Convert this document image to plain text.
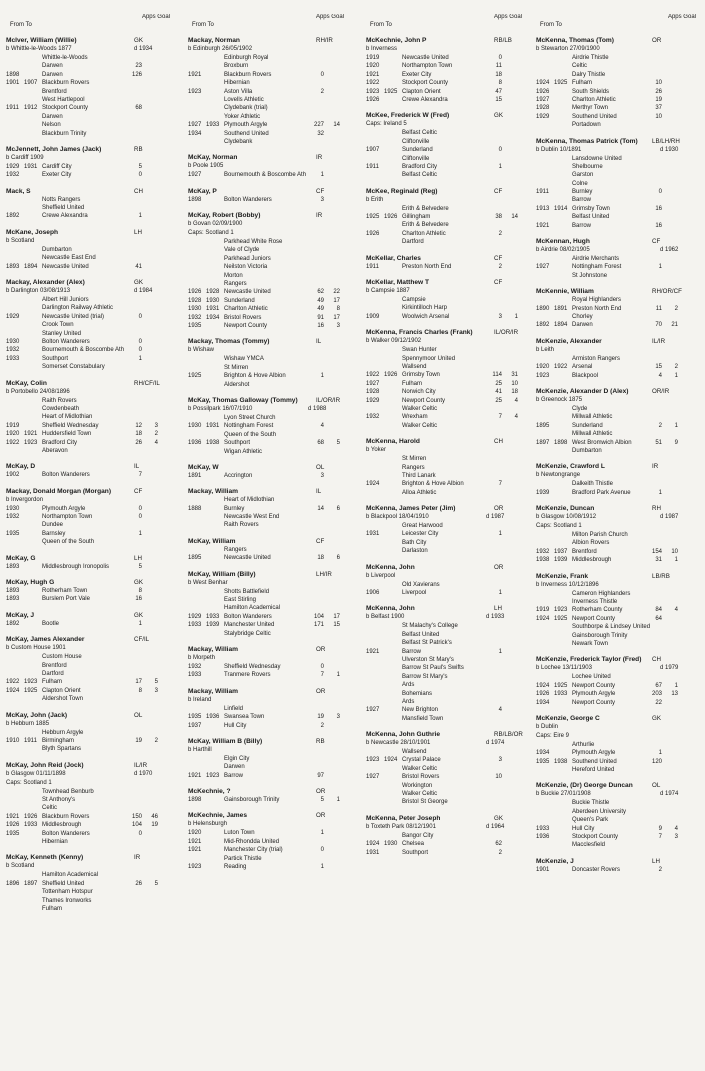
From To
Apps Goal
McIver, William (Willie)	GK
d 1934
b Whittle-le-Woods 1877
Whittle-le-Woods
Darwen	23
1898	Darwen	126
1901 1907 Blackburn Rovers
Brentford
West Hartlepool
1911 1912 Stockport County	68
Darwen
Nelson
Blackburn Trinity
McJennett, John James (Jack)	RB
b Cardiff 1909
1929 1931 Cardiff City	5
1932	Exeter City	0
Mack, S	CH
Notts Rangers
Sheffield United
1892	Crewe Alexandra	1
McKane, Joseph	LH
b Scotland
Dumbarton
Newcastle East End
1893 1894 Newcastle United	41
Mackay, Alexander (Alex)	GK
d 1984
b Darlington 03/08/1913
Albert Hill Juniors
Darlington Railway Athletic
1929	Newcastle United (trial)	0
Crook Town
Stanley United
1930	Bolton Wanderers	0
1932	Bournemouth & Boscombe Ath	0
1933	Southport	1
Somerset Constabulary
McKay, Colin	RH/CF/IL
b Portobello 24/08/1896
Raith Rovers
Cowdenbeath
Heart of Midlothian
1919	Sheffield Wednesday	12	3
1920 1921 Huddersfield Town	18	2
1922 1923 Bradford City	26	4
Aberavon
McKay, D	IL
1902	Bolton Wanderers	7
Mackay, Donald Morgan (Morgan)	CF
b Invergordon
1930	Plymouth Argyle	0
1932	Northampton Town	0
Dundee
1935	Barnsley	1
Queen of the South
McKay, G	LH
1893	Middlesbrough Ironopolis	5
McKay, Hugh G	GK
1893	Rotherham Town	8
1893	Burslem Port Vale	16
McKay, J	GK
1892	Bootle	1
McKay, James Alexander	CF/IL
b Custom House 1901
Custom House
Brentford
Dartford
1922 1923 Fulham	17	5
1924 1925 Clapton Orient	8	3
Aldershot Town
McKay, John (Jack)	OL
b Hebburn 1885
Hebburn Argyle
1910 1911 Birmingham	19	2
Blyth Spartans
McKay, John Reid (Jock)	IL/IR
d 1970
b Glasgow 01/11/1898
Caps: Scotland 1
Townhead Benburb
St Anthony's
Celtic
1921 1926 Blackburn Rovers	150	46
1926 1933 Middlesbrough	104	19
1935	Bolton Wanderers	0
Hibernian
McKay, Kenneth (Kenny)	IR
b Scotland
Hamilton Academical
1896 1897 Sheffield United	26	5
Tottenham Hotspur
Thames Ironworks
Fulham
From To
Apps Goal
Mackay, Norman	RH/IR
b Edinburgh 26/05/1902
Edinburgh Royal
Broxburn
1921	Blackburn Rovers	0
Hibernian
1923	Aston Villa	2
Lovells Athletic
Clydebank (trial)
Yoker Athletic
1927 1933 Plymouth Argyle	227	14
1934	Southend United	32
Clydebank
McKay, Norman	IR
b Poole 1905
1927	Bournemouth & Boscombe Ath	1
McKay, P	CF
1898	Bolton Wanderers	3
McKay, Robert (Bobby)	IR
b Govan 02/09/1900
Caps: Scotland 1
Parkhead White Rose
Vale of Clyde
Parkhead Juniors
Neilston Victoria
Morton
Rangers
1926 1928 Newcastle United	62	22
1928 1930 Sunderland	49	17
1930 1931 Charlton Athletic	49	8
1932 1934 Bristol Rovers	91	17
1935	Newport County	16	3
Mackay, Thomas (Tommy)	IL
b Wishaw
Wishaw YMCA
St Mirren
1925	Brighton & Hove Albion	1
Aldershot
McKay, Thomas Galloway (Tommy)	IL/OR/IR
d 1988
b Possilpark 16/07/1910
Lyon Street Church
1930 1931 Nottingham Forest	4
Queen of the South
1936 1938 Southport	68	5
Wigan Athletic
McKay, W	OL
1891	Accrington	3
Mackay, William	IL
Heart of Midlothian
1888	Burnley	14	6
Newcastle West End
Raith Rovers
McKay, William	CF
Rangers
1895	Newcastle United	18	6
McKay, William (Billy)	LH/IR
b West Benhar
Shotts Battlefield
East Stirling
Hamilton Academical
1929 1933 Bolton Wanderers	104	17
1933 1939 Manchester United	171	15
Stalybridge Celtic
Mackay, William	OR
b Morpeth
1932	Sheffield Wednesday	0
1933	Tranmere Rovers	7	1
Mackay, William	OR
b Ireland
Linfield
1935 1936 Swansea Town	19	3
1937	Hull City	2
McKay, William B (Billy)	RB
b Harthill
Elgin City
Darwen
1921 1923 Barrow	97
McKechnie, ?	OR
1898	Gainsborough Trinity	5	1
McKechnie, James	OR
b Helensburgh
1920	Luton Town	1
1921	Mid-Rhondda United
1921	Manchester City (trial)	0
Partick Thistle
1923	Reading	1
From To
Apps Goal
McKechnie, John P	RB/LB
b Inverness
1919	Newcastle United	0
1920	Northampton Town	11
1921	Exeter City	18
1922	Stockport County	8
1923 1925 Clapton Orient	47
1926	Crewe Alexandra	15
McKee, Frederick W (Fred)	GK
Caps: Ireland 5
Belfast Celtic
Cliftonville
1907	Sunderland	0
Cliftonville
1911	Bradford City	1
Belfast Celtic
McKee, Reginald (Reg)	CF
b Erith
Erith & Belvedere
1925 1926 Gillingham	38	14
Erith & Belvedere
1926	Charlton Athletic	2
Dartford
McKellar, Charles	CF
1911	Preston North End	2
McKellar, Matthew T	CF
b Campsie 1887
Campsie
Kirkintilloch Harp
1909	Woolwich Arsenal	3	1
McKenna, Francis Charles (Frank)	IL/OR/IR
b Walker 09/12/1902
Swan Hunter
Spennymoor United
Wallsend
1922 1926 Grimsby Town	114	31
1927	Fulham	25	10
1928	Norwich City	41	18
1929	Newport County	25	4
Walker Celtic
1932	Wrexham	7	4
Walker Celtic
McKenna, Harold	CH
b Yoker
St Mirren
Rangers
Third Lanark
1924	Brighton & Hove Albion	7
Alloa Athletic
McKenna, James Peter (Jim)	OR
d 1987
b Blackpool 18/04/1910
Great Harwood
1931	Leicester City	1
Bath City
Darlaston
McKenna, John	OR
b Liverpool
Old Xavierans
1906	Liverpool	1
McKenna, John	LH
d 1933
b Belfast 1900
St Malachy's College
Belfast United
Belfast St Patrick's
1921	Barrow	1
Ulverston St Mary's
Barrow St Paul's Swifts
Barrow St Mary's
Ards
Bohemians
Ards
1927	New Brighton	4
Mansfield Town
McKenna, John Guthrie	RB/LB/OR
d 1974
b Newcastle 28/10/1901
Wallsend
1923 1924 Crystal Palace	3
Walker Celtic
1927	Bristol Rovers	10
Workington
Walker Celtic
Bristol St George
McKenna, Peter Joseph	GK
d 1964
b Toxteth Park 08/12/1901
Bangor City
1924 1930 Chelsea	62
1931	Southport	2
From To
Apps Goal
McKenna, Thomas (Tom)	OR
b Stewarton 27/09/1900
Airdrie Thistle
Celtic
Dalry Thistle
1924 1925 Fulham	10
1926	South Shields	26
1927	Charlton Athletic	19
1928	Merthyr Town	37
1929	Southend United	10
Portadown
McKenna, Thomas Patrick (Tom) LB/LH/RH
d 1930
b Dublin 10/1891
Lansdowne United
Shelbourne
Garston
Colne
1911	Burnley	0
Barrow
1913 1914 Grimsby Town	16
Belfast United
1921	Barrow	16
McKennan, Hugh	CF
d 1962
b Airdrie 08/02/1905
Airdrie Merchants
1927	Nottingham Forest	1
St Johnstone
McKennie, William	RH/OR/CF
Royal Highlanders
1890 1891 Preston North End	11	2
Chorley
1892 1894 Darwen	70	21
McKenzie, Alexander	IL/IR
b Leith
Armiston Rangers
1920 1922 Arsenal	15	2
1923	Blackpool	4	1
McKenzie, Alexander D (Alex)	OR/IR
b Greenock 1875
Clyde
Millwall Athletic
1895	Sunderland	2	1
Millwall Athletic
1897 1898 West Bromwich Albion	51	9
Dumbarton
McKenzie, Crawford L	IR
b Newtongrange
Dalkeith Thistle
1939	Bradford Park Avenue	1
McKenzie, Duncan	RH
d 1987
b Glasgow 10/08/1912
Caps: Scotland 1
Milton Parish Church
Albion Rovers
1932 1937 Brentford	154	10
1938 1939 Middlesbrough	31	1
McKenzie, Frank	LB/RB
b Inverness 10/12/1896
Cameron Highlanders
Inverness Thistle
1919 1923 Rotherham County	84	4
1924 1925 Newport County	64
Southborpe & Lindsey United
Gainsborough Trinity
Newark Town
McKenzie, Frederick Taylor (Fred) CH
d 1979
b Lochee 13/11/1903
Lochee United
1924 1925 Newport County	67	1
1926 1933 Plymouth Argyle	203	13
1934	Newport County	22
McKenzie, George C	GK
b Dublin
Caps: Eire 9
Arthurlie
1934	Plymouth Argyle	1
1935 1938 Southend United	120
Hereford United
McKenzie, (Dr) George Duncan	OL
d 1974
b Buckie 27/01/1908
Buckie Thistle
Aberdeen University
Queen's Park
1933	Hull City	9	4
1936	Stockport County	7	3
Macclesfield
McKenzie, J	LH
1901	Doncaster Rovers	2
